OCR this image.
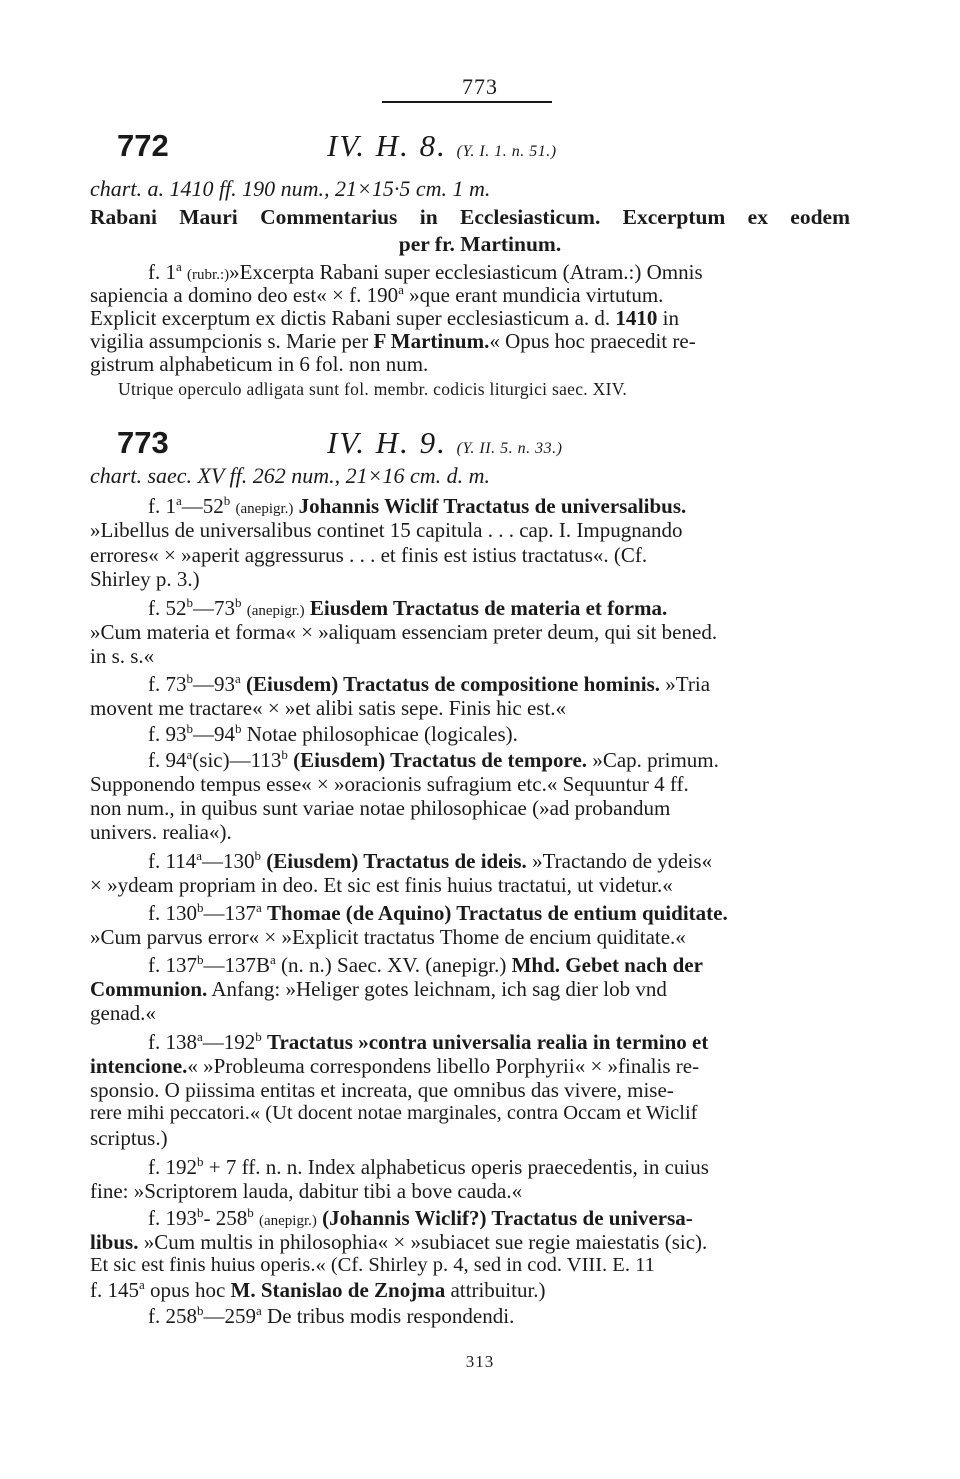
773
772	IV. H. 8. (Y. I. 1. n. 51.)
chart. a. 1410 ff. 190 num., 21×15·5 cm. 1 m.
Rabani Mauri Commentarius in Ecclesiasticum. Excerptum ex eodem
per fr. Martinum.
f. 1$^a$ (rubr.:)»Excerpta Rabani super ecclesiasticum (Atram.:) Omnis
sapiencia a domino deo est« × f. 190$^a$ »que erant mundicia virtutum.
Explicit excerptum ex dictis Rabani super ecclesiasticum a. d. 1410 in
vigilia assumpcionis s. Marie per F Martinum.« Opus hoc praecedit re-
gistrum alphabeticum in 6 fol. non num.
Utrique operculo adligata sunt fol. membr. codicis liturgici saec. XIV.
773	IV. H. 9. (Y. II. 5. n. 33.)
chart. saec. XV ff. 262 num., 21×16 cm. d. m.
f. 1$^a$—52$^b$ (anepigr.) Johannis Wiclif Tractatus de universalibus.
»Libellus de universalibus continet 15 capitula . . . cap. I. Impugnando
errores« × »aperit aggressurus . . . et finis est istius tractatus«. (Cf.
Shirley p. 3.)
f. 52$^b$—73$^b$ (anepigr.) Eiusdem Tractatus de materia et forma.
»Cum materia et forma« × »aliquam essenciam preter deum, qui sit bened.
in s. s.«
f. 73$^b$—93$^a$ (Eiusdem) Tractatus de compositione hominis. »Tria
movent me tractare« × »et alibi satis sepe. Finis hic est.«
f. 93$^b$—94$^b$ Notae philosophicae (logicales).
f. 94$^a$(sic)—113$^b$ (Eiusdem) Tractatus de tempore. »Cap. primum.
Supponendo tempus esse« × »oracionis sufragium etc.« Sequuntur 4 ff.
non num., in quibus sunt variae notae philosophicae (»ad probandum
univers. realia«).
f. 114$^a$—130$^b$ (Eiusdem) Tractatus de ideis. »Tractando de ydeis«
× »ydeam propriam in deo. Et sic est finis huius tractatui, ut videtur.«
f. 130$^b$—137$^a$ Thomae (de Aquino) Tractatus de entium quiditate.
»Cum parvus error« × »Explicit tractatus Thome de encium quiditate.«
f. $137^b—137B^a$ (n. n.) Saec. XV. (anepigr.) Mhd. Gebet nach der
Communion. Anfang: »Heliger gotes leichnam, ich sag dier lob vnd
genad.«
f. 138$^a$—192$^b$ Tractatus »contra universalia realia in termino et
intencione.« »Probleuma correspondens libello Porphyrii« × »finalis re-
sponsio. O piissima entitas et increata, que omnibus das vivere, mise-
rere mihi peccatori.« (Ut docent notae marginales, contra Occam et Wiclif
scriptus.)
f. $192^b + 7$ ff. n. n. Index alphabeticus operis praecedentis, in cuius
fine: »Scriptorem lauda, dabitur tibi a bove cauda.«
f. 193$^b$- 258$^b$ (anepigr.) (Johannis Wiclif?) Tractatus de universa-
libus. »Cum multis in philosophia« × »subiacet sue regie maiestatis (sic).
Et sic est finis huius operis.« (Cf. Shirley p. 4, sed in cod. VIII. E. 11
f. 145$^a$ opus hoc M. Stanislao de Znojma attribuitur.)
f. 258$^b$—259$^a$ De tribus modis respondendi.
313
